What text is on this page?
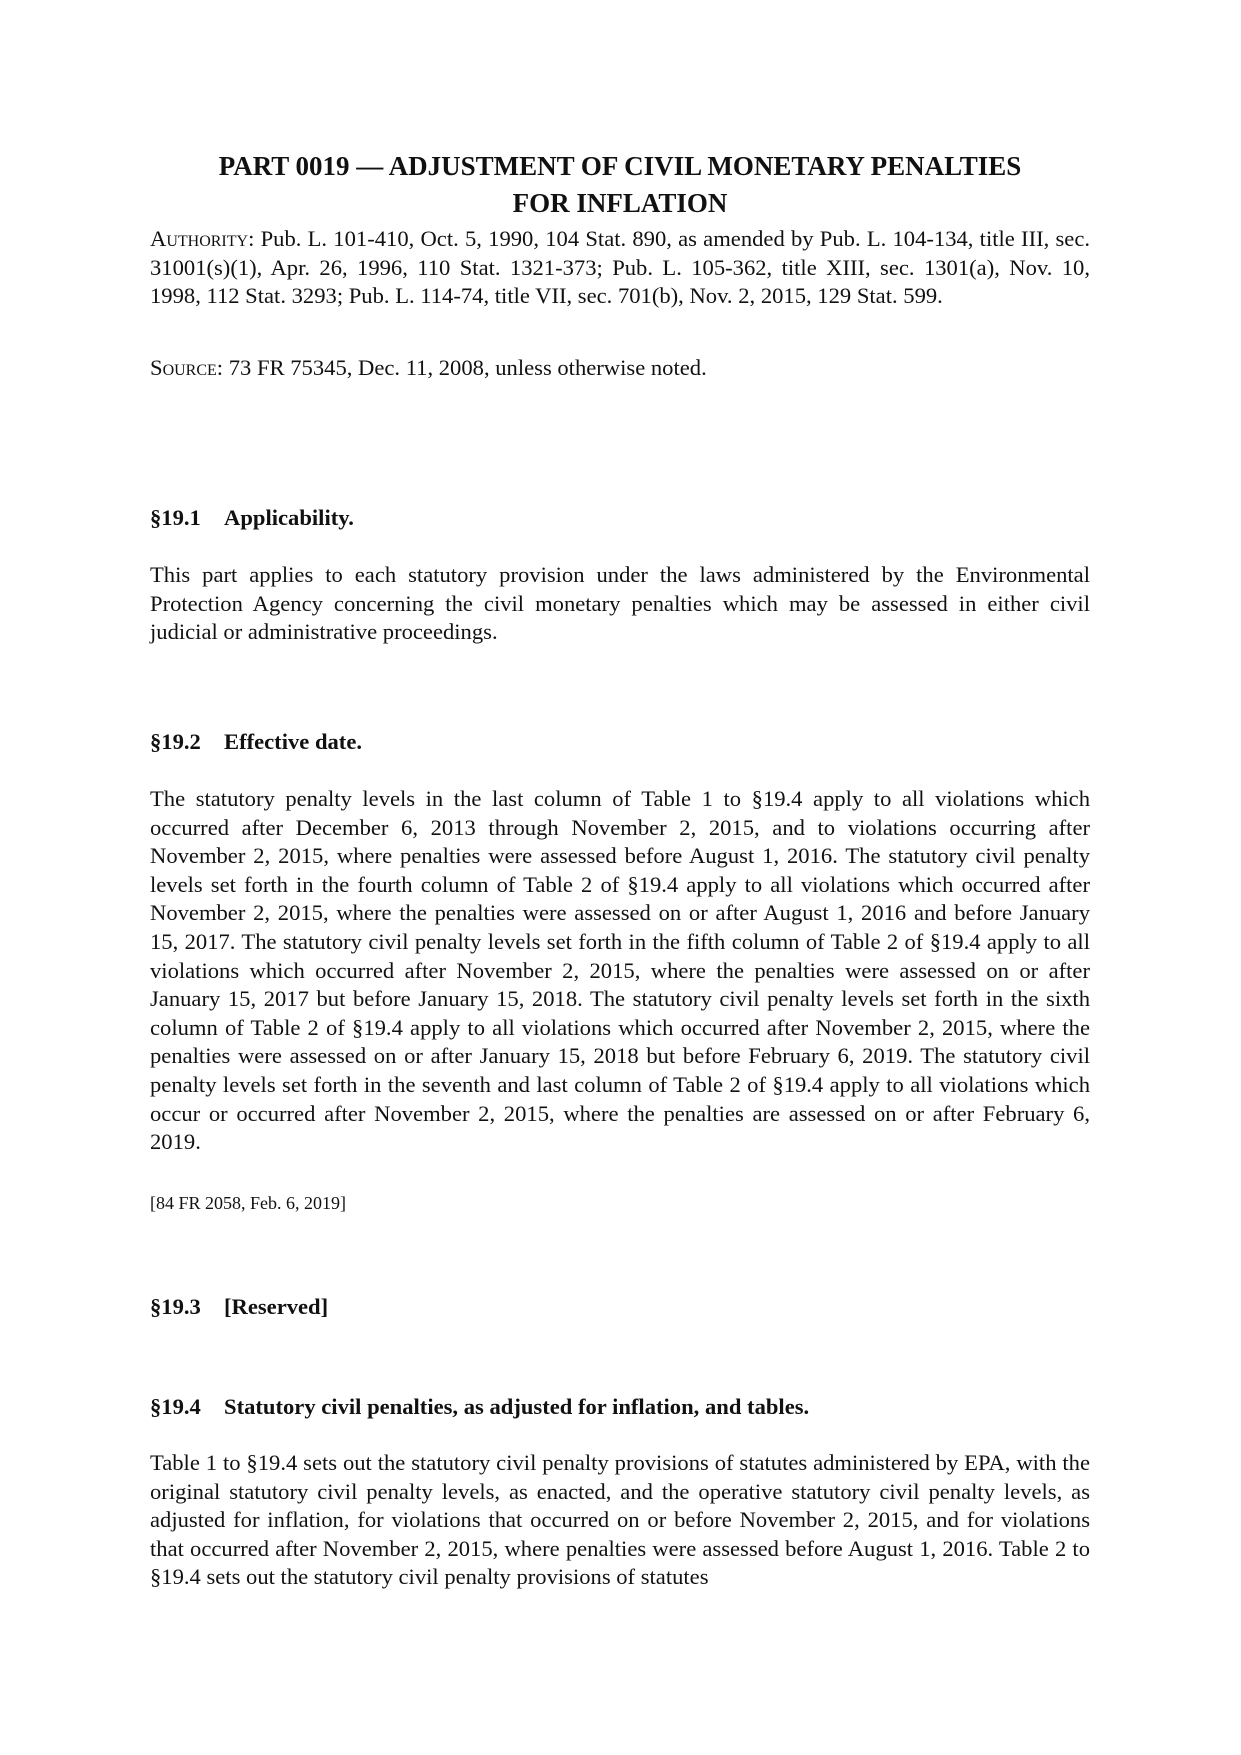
PART 0019 — ADJUSTMENT OF CIVIL MONETARY PENALTIES
FOR INFLATION

Authority: Pub. L. 101-410, Oct. 5, 1990, 104 Stat. 890, as amended by Pub. L. 104-134, title III, sec. 31001(s)(1), Apr. 26, 1996, 110 Stat. 1321-373; Pub. L. 105-362, title XIII, sec. 1301(a), Nov. 10, 1998, 112 Stat. 3293; Pub. L. 114-74, title VII, sec. 701(b), Nov. 2, 2015, 129 Stat. 599.

Source: 73 FR 75345, Dec. 11, 2008, unless otherwise noted.

§19.1 Applicability.

This part applies to each statutory provision under the laws administered by the Environmental Protection Agency concerning the civil monetary penalties which may be assessed in either civil judicial or administrative proceedings.

§19.2 Effective date.

The statutory penalty levels in the last column of Table 1 to §19.4 apply to all violations which occurred after December 6, 2013 through November 2, 2015, and to violations occurring after November 2, 2015, where penalties were assessed before August 1, 2016. The statutory civil penalty levels set forth in the fourth column of Table 2 of §19.4 apply to all violations which occurred after November 2, 2015, where the penalties were assessed on or after August 1, 2016 and before January 15, 2017. The statutory civil penalty levels set forth in the fifth column of Table 2 of §19.4 apply to all violations which occurred after November 2, 2015, where the penalties were assessed on or after January 15, 2017 but before January 15, 2018. The statutory civil penalty levels set forth in the sixth column of Table 2 of §19.4 apply to all violations which occurred after November 2, 2015, where the penalties were assessed on or after January 15, 2018 but before February 6, 2019. The statutory civil penalty levels set forth in the seventh and last column of Table 2 of §19.4 apply to all violations which occur or occurred after November 2, 2015, where the penalties are assessed on or after February 6, 2019.

[84 FR 2058, Feb. 6, 2019]

§19.3 [Reserved]
§19.4 Statutory civil penalties, as adjusted for inflation, and tables.

Table 1 to §19.4 sets out the statutory civil penalty provisions of statutes administered by EPA, with the original statutory civil penalty levels, as enacted, and the operative statutory civil penalty levels, as adjusted for inflation, for violations that occurred on or before November 2, 2015, and for violations that occurred after November 2, 2015, where penalties were assessed before August 1, 2016. Table 2 to §19.4 sets out the statutory civil penalty provisions of statutes
